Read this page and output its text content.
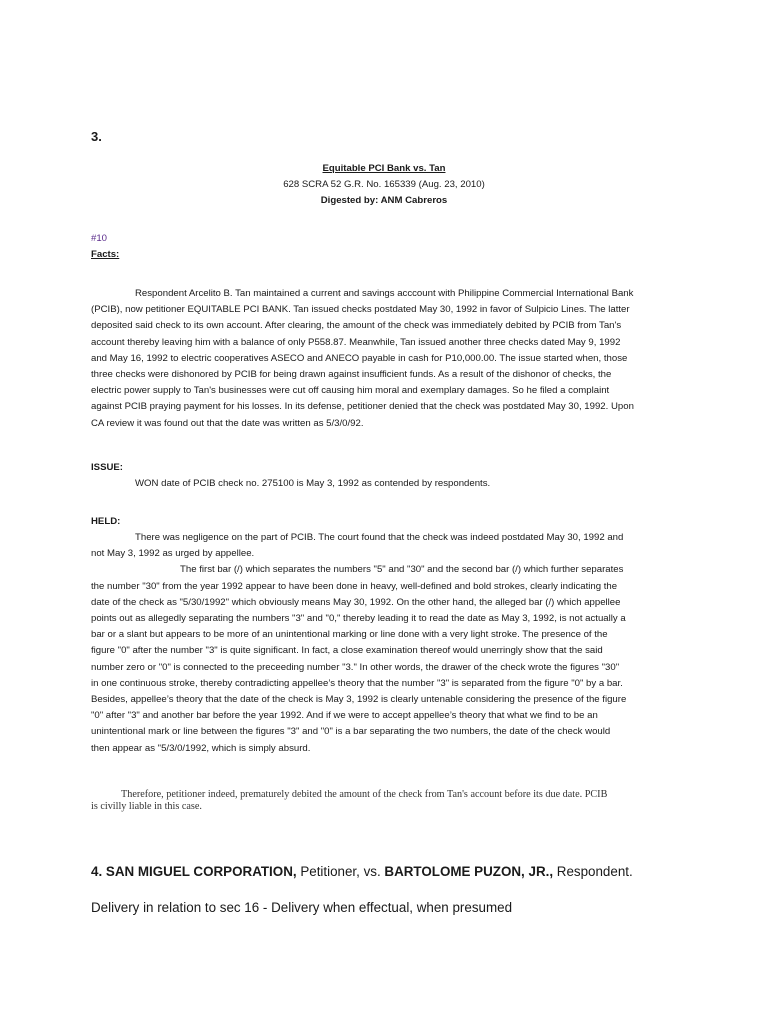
3.
Equitable PCI Bank vs. Tan
628 SCRA 52 G.R. No. 165339 (Aug. 23, 2010)
Digested by: ANM Cabreros
#10
Facts:
Respondent Arcelito B. Tan maintained a current and savings acccount with Philippine Commercial International Bank
(PCIB), now petitioner EQUITABLE PCI BANK. Tan issued checks postdated May 30, 1992 in favor of Sulpicio Lines. The latter
deposited said check to its own account. After clearing, the amount of the check was immediately debited by PCIB from Tan's
account thereby leaving him with a balance of only P558.87. Meanwhile, Tan issued another three checks dated May 9, 1992
and May 16, 1992 to electric cooperatives ASECO and ANECO payable in cash for P10,000.00. The issue started when, those
three checks were dishonored by PCIB for being drawn against insufficient funds. As a result of the dishonor of checks, the
electric power supply to Tan's businesses were cut off causing him moral and exemplary damages. So he filed a complaint
against PCIB praying payment for his losses. In its defense, petitioner denied that the check was postdated May 30, 1992. Upon
CA review it was found out that the date was written as 5/3/0/92.
ISSUE:
WON date of PCIB check no. 275100 is May 3, 1992 as contended by respondents.
HELD:
There was negligence on the part of PCIB. The court found that the check was indeed postdated May 30, 1992 and
not May 3, 1992 as urged by appellee.
The first bar (/) which separates the numbers "5" and "30" and the second bar (/) which further separates
the number "30" from the year 1992 appear to have been done in heavy, well-defined and bold strokes, clearly indicating the
date of the check as "5/30/1992" which obviously means May 30, 1992. On the other hand, the alleged bar (/) which appellee
points out as allegedly separating the numbers "3" and "0," thereby leading it to read the date as May 3, 1992, is not actually a
bar or a slant but appears to be more of an unintentional marking or line done with a very light stroke. The presence of the
figure "0" after the number "3" is quite significant. In fact, a close examination thereof would unerringly show that the said
number zero or "0" is connected to the preceeding number "3." In other words, the drawer of the check wrote the figures "30"
in one continuous stroke, thereby contradicting appellee’s theory that the number "3" is separated from the figure "0" by a bar.
Besides, appellee’s theory that the date of the check is May 3, 1992 is clearly untenable considering the presence of the figure
"0" after "3" and another bar before the year 1992. And if we were to accept appellee’s theory that what we find to be an
unintentional mark or line between the figures "3" and "0" is a bar separating the two numbers, the date of the check would
then appear as "5/3/0/1992, which is simply absurd.
Therefore, petitioner indeed, prematurely debited the amount of the check from Tan's account before its due date. PCIB
is civilly liable in this case.
4. SAN MIGUEL CORPORATION, Petitioner, vs. BARTOLOME PUZON, JR., Respondent.
Delivery in relation to sec 16 - Delivery when effectual, when presumed
